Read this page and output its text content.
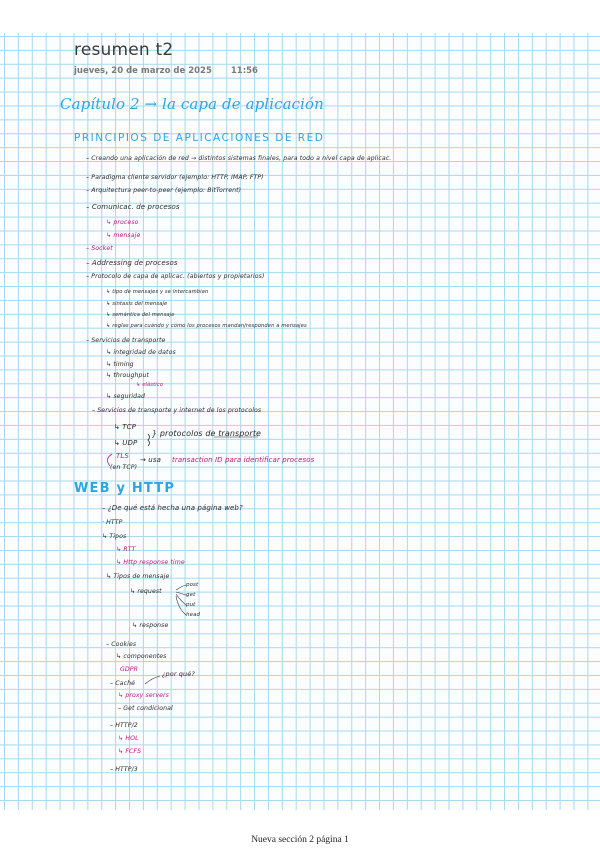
resumen t2
jueves, 20 de marzo de 2025 11:56
Capítulo 2 → la capa de aplicación
PRINCIPIOS DE APLICACIONES DE RED
– Creando una aplicación de red → distintos sistemas finales, para todo a nivel capa de aplicac.
– Paradigma cliente servidor (ejemplo: HTTP, IMAP, FTP)
– Arquitectura peer-to-peer (ejemplo: BitTorrent)
– Comunicac. de procesos
↳ proceso
↳ mensaje
– Socket
– Addressing de procesos
– Protocolo de capa de aplicac. (abiertos y propietarios)
↳ tipo de mensajes y se intercambian
↳ sintaxis del mensaje
↳ semántica del mensaje
↳ reglas para cuándo y cómo los procesos mandan/responden a mensajes
– Servicios de transporte
↳ integridad de datos
↳ timing
↳ throughput
↳ elástico
↳ seguridad
– Servicios de transporte y internet de los protocolos
↳ TCP
↳ UDP
} protocolos de transporte
TLS
(en TCP)
→ usa transaction ID para identificar procesos
WEB y HTTP
– ¿De qué está hecha una página web?
· HTTP
↳ Tipos
↳ RTT
↳ Http response time
↳ Tipos de mensaje
↳ request
post
get
put
head
↳ response
– Cookies
↳ componentes
GDPR
– Caché
¿por qué?
↳ proxy servers
– Get condicional
– HTTP/2
↳ HOL
↳ FCFS
– HTTP/3
Nueva sección 2 página 1
